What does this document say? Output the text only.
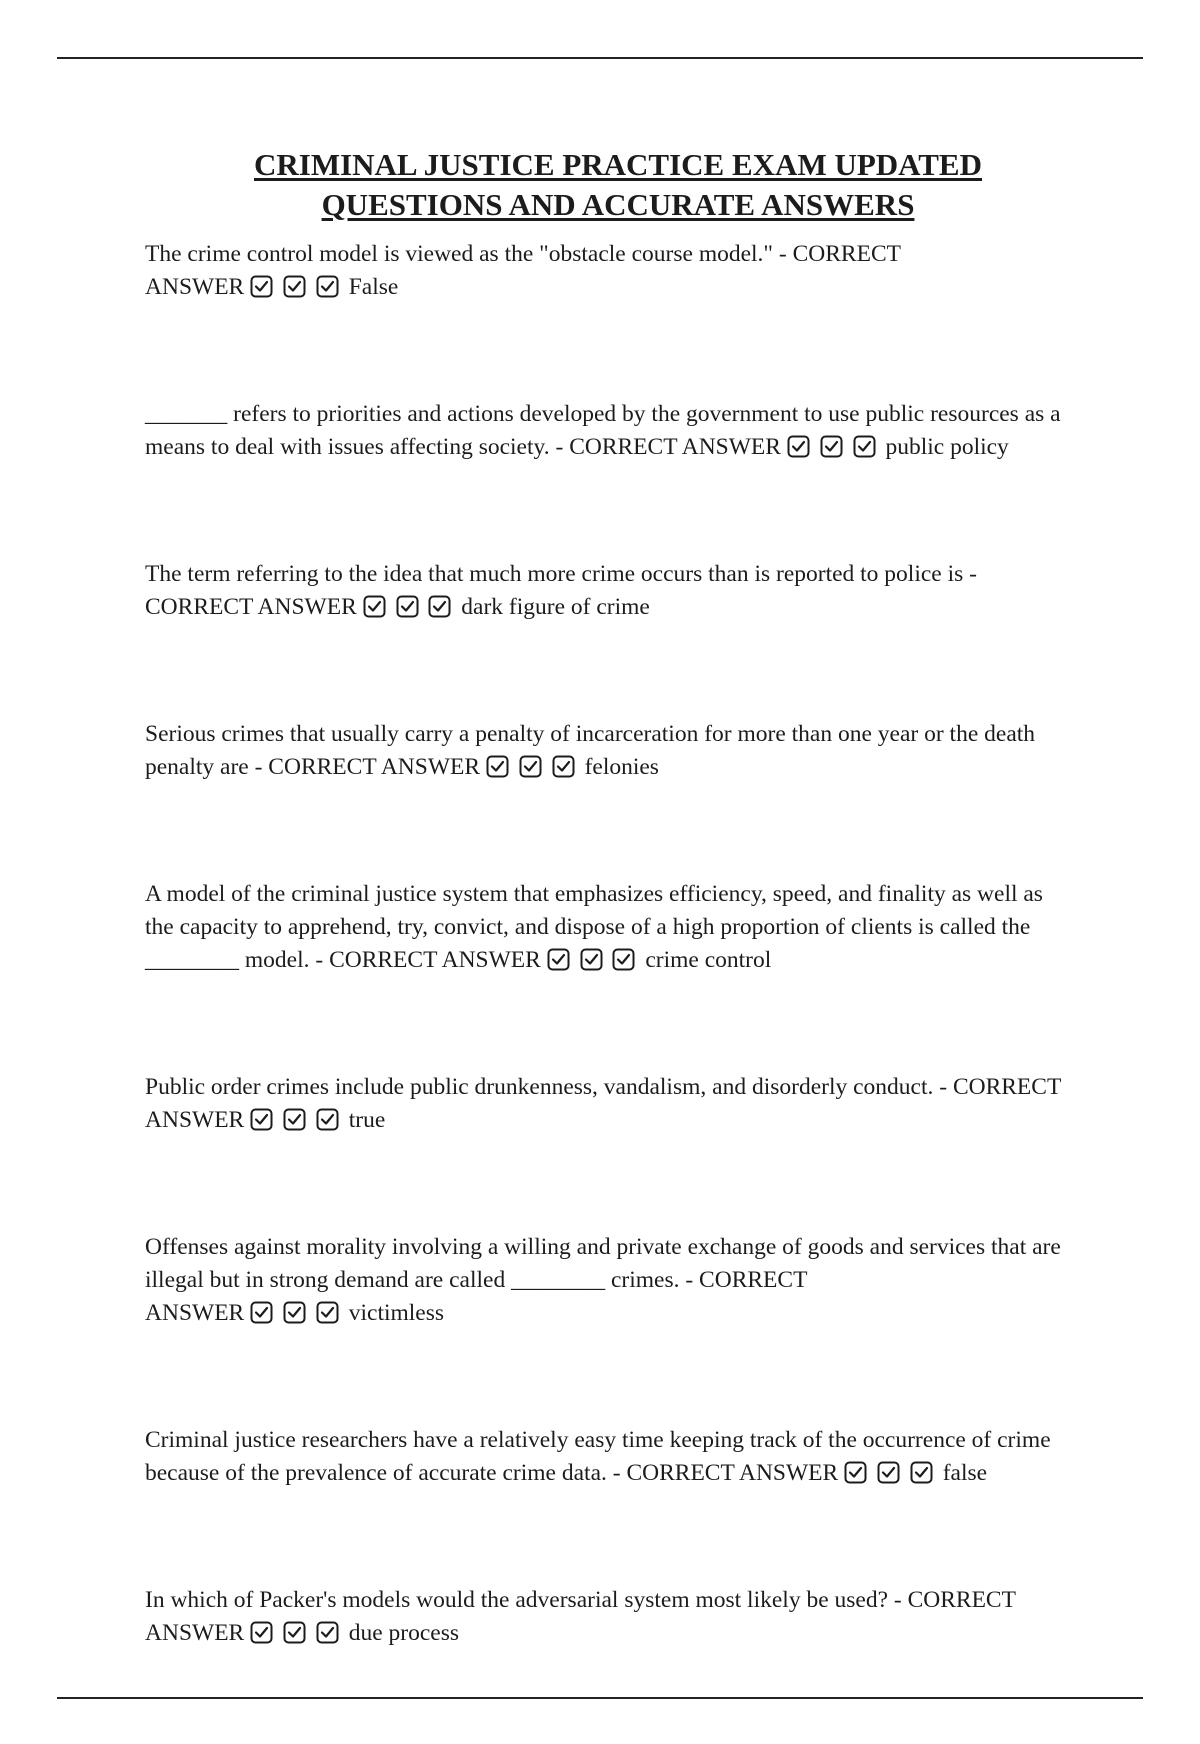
CRIMINAL JUSTICE PRACTICE EXAM UPDATED
QUESTIONS AND ACCURATE ANSWERS
The crime control model is viewed as the "obstacle course model." - CORRECT
ANSWER

	False
_______ refers to priorities and actions developed by the government to use public resources as a
means to deal with issues affecting society. - CORRECT ANSWER

	public policy
The term referring to the idea that much more crime occurs than is reported to police is -
CORRECT ANSWER

	dark figure of crime
Serious crimes that usually carry a penalty of incarceration for more than one year or the death
penalty are - CORRECT ANSWER

	felonies
A model of the criminal justice system that emphasizes efficiency, speed, and finality as well as
the capacity to apprehend, try, convict, and dispose of a high proportion of clients is called the
________ model. - CORRECT ANSWER

	crime control
Public order crimes include public drunkenness, vandalism, and disorderly conduct. - CORRECT
ANSWER

	true
Offenses against morality involving a willing and private exchange of goods and services that are
illegal but in strong demand are called ________ crimes. - CORRECT
ANSWER

	victimless
Criminal justice researchers have a relatively easy time keeping track of the occurrence of crime
because of the prevalence of accurate crime data. - CORRECT ANSWER

	false
In which of Packer's models would the adversarial system most likely be used? - CORRECT
ANSWER

	due process
